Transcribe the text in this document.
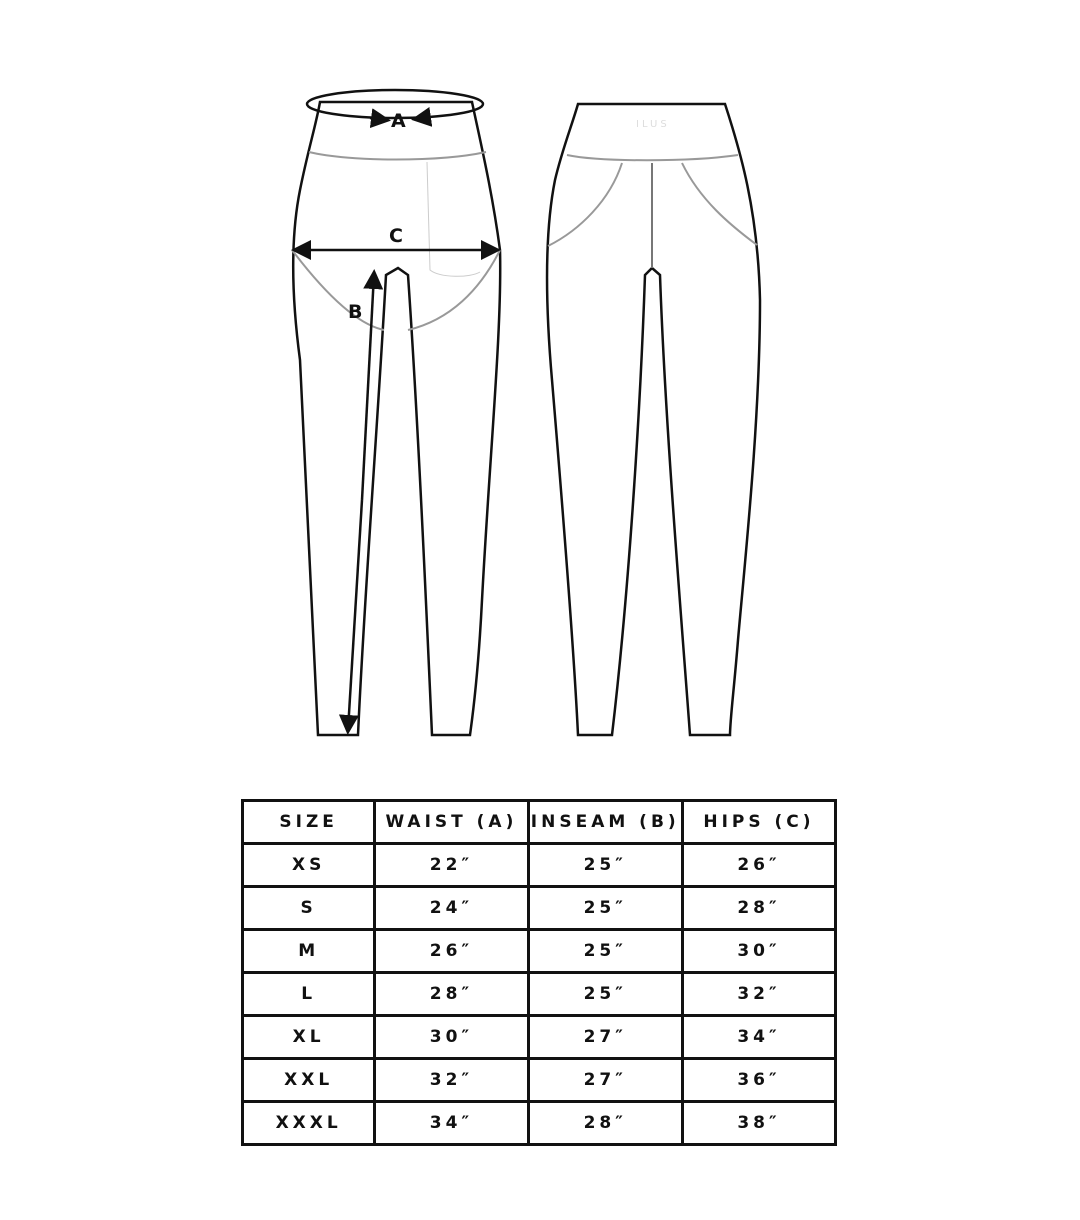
A
C
B
ILUS
SIZE	WAIST (A)	INSEAM (B)	HIPS (C)
XS	22″	25″	26″
S	24″	25″	28″
M	26″	25″	30″
L	28″	25″	32″
XL	30″	27″	34″
XXL	32″	27″	36″
XXXL	34″	28″	38″
